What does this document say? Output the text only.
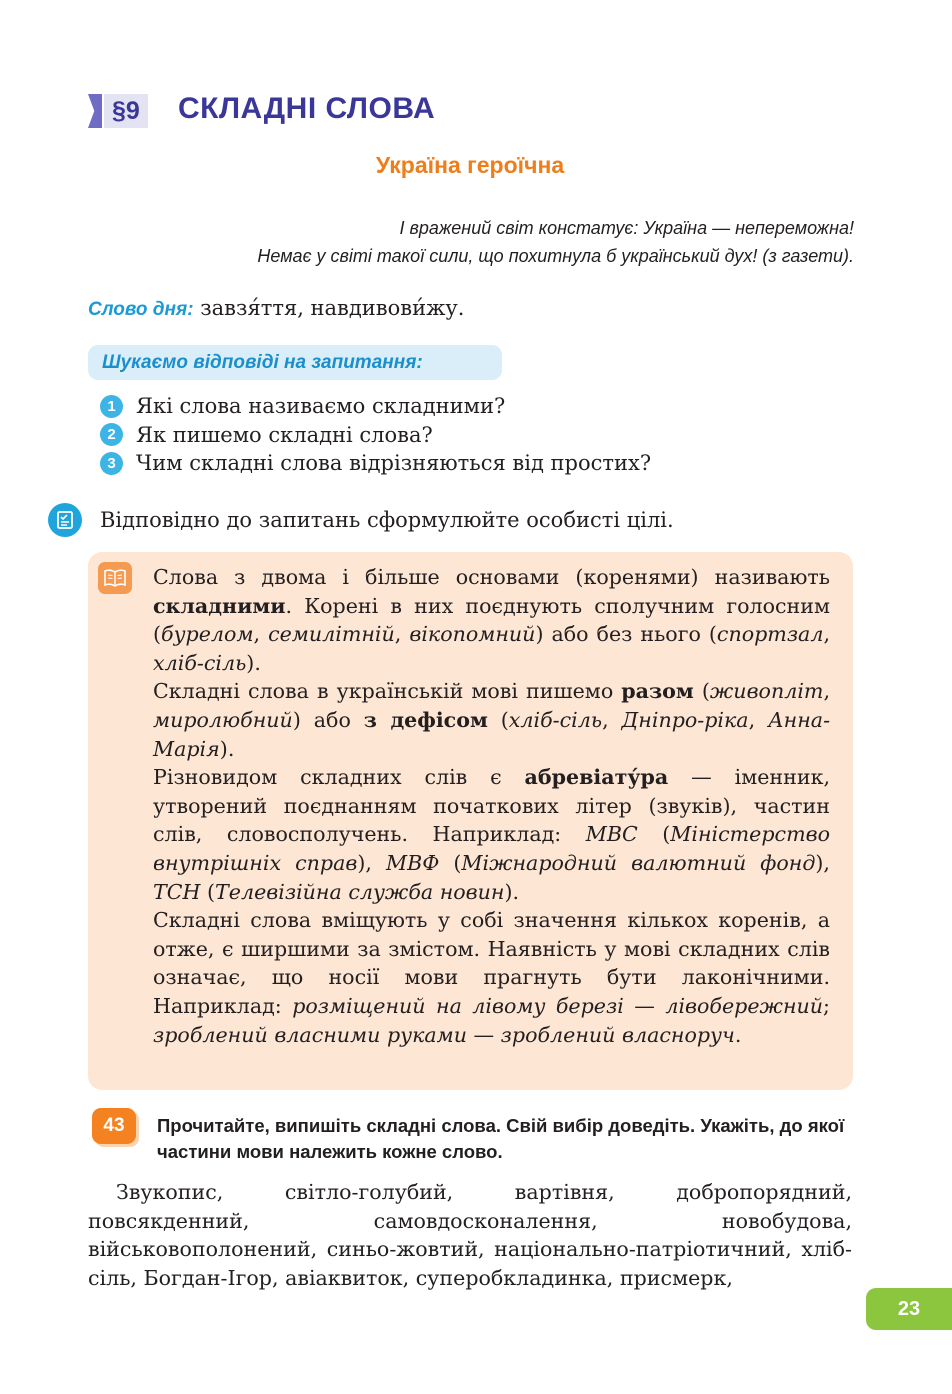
§9 СКЛАДНІ СЛОВА
Україна героїчна
І вражений світ констатує: Україна — непереможна!
Немає у світі такої сили, що похитнула б український дух! (з газети).
Слово дня: завзя́ття, навдивови́жу.
Шукаємо відповіді на запитання:
1 Які слова називаємо складними?
2 Як пишемо складні слова?
3 Чим складні слова відрізняються від простих?
Відповідно до запитань сформулюйте особисті цілі.

Слова з двома і більше основами (коренями) називають складними. Корені в них поєднують сполучним голосним (бурелом, семилітній, вікопомний) або без нього (спортзал, хліб-сіль).

Складні слова в українській мові пишемо разом (живопліт, миролюбний) або з дефісом (хліб-сіль, Дніпро-ріка, Анна-Марія).

Різновидом складних слів є абревіату́ра — іменник, утворений поєднанням початкових літер (звуків), частин слів, словосполучень. Наприклад: МВС (Міністерство внутрішніх справ), МВФ (Міжнародний валютний фонд), ТСН (Телевізійна служба новин).

Складні слова вміщують у собі значення кількох коренів, а отже, є ширшими за змістом. Наявність у мові складних слів означає, що носії мови прагнуть бути лаконічними. Наприклад: розміщений на лівому березі — лівобережний; зроблений власними руками — зроблений власноруч.

43	Прочитайте, випишіть складні слова. Свій вибір доведіть. Укажіть, до якої частини мови належить кожне слово.
Звукопис, світло-голубий, вартівня, добропорядний, повсякденний, самовдосконалення, новобудова, військовополонений, синьо-жовтий, національно-патріотичний, хліб-сіль, Богдан-Ігор, авіаквиток, суперобкладинка, присмерк,
23
